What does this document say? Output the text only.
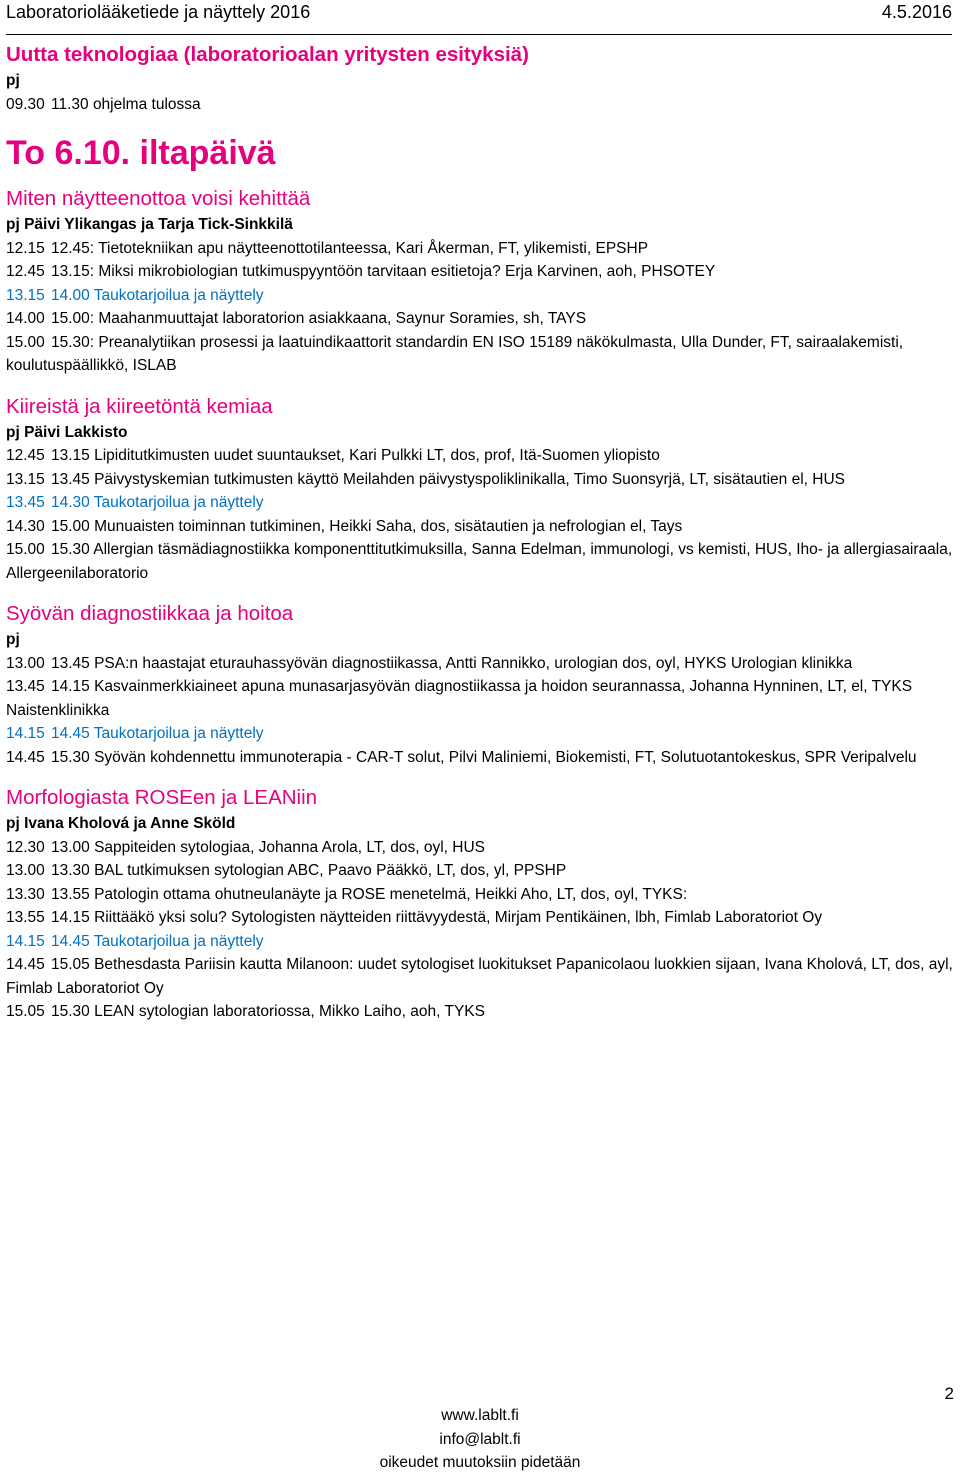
Laboratoriolääketiede ja näyttely 2016	4.5.2016
Uutta teknologiaa (laboratorioalan yritysten esityksiä)
pj
09.30  11.30 ohjelma tulossa
To 6.10. iltapäivä
Miten näytteenottoa voisi kehittää
pj Päivi Ylikangas ja Tarja Tick-Sinkkilä
12.15  12.45: Tietotekniikan apu näytteenottotilanteessa, Kari Åkerman, FT, ylikemisti, EPSHP
12.45  13.15: Miksi mikrobiologian tutkimuspyyntöön tarvitaan esitietoja? Erja Karvinen, aoh, PHSOTEY
13.15  14.00 Taukotarjoilua ja näyttely
14.00  15.00: Maahanmuuttajat laboratorion asiakkaana, Saynur Soramies, sh, TAYS
15.00  15.30: Preanalytiikan prosessi ja laatuindikaattorit standardin EN ISO 15189 näkökulmasta, Ulla Dunder, FT, sairaalakemisti, koulutuspäällikkö, ISLAB
Kiireistä ja kiireetöntä kemiaa
pj Päivi Lakkisto
12.45  13.15 Lipiditutkimusten uudet suuntaukset, Kari Pulkki LT, dos, prof, Itä-Suomen yliopisto
13.15  13.45 Päivystyskemian tutkimusten käyttö Meilahden päivystyspoliklinikalla, Timo Suonsyrjä, LT, sisätautien el, HUS
13.45  14.30 Taukotarjoilua ja näyttely
14.30  15.00 Munuaisten toiminnan tutkiminen, Heikki Saha, dos, sisätautien ja nefrologian el, Tays
15.00  15.30 Allergian täsmädiagnostiikka komponenttitutkimuksilla, Sanna Edelman, immunologi, vs kemisti, HUS, Iho- ja allergiasairaala, Allergeenilaboratorio
Syövän diagnostiikkaa ja hoitoa
pj
13.00  13.45 PSA:n haastajat eturauhassyövän diagnostiikassa, Antti Rannikko, urologian dos, oyl, HYKS Urologian klinikka
13.45  14.15 Kasvainmerkkiaineet apuna munasarjasyövän diagnostiikassa ja hoidon seurannassa, Johanna Hynninen, LT, el, TYKS Naistenklinikka
14.15  14.45 Taukotarjoilua ja näyttely
14.45  15.30 Syövän kohdennettu immunoterapia - CAR-T solut, Pilvi Maliniemi, Biokemisti, FT, Solutuotantokeskus, SPR Veripalvelu
Morfologiasta ROSEen ja LEANiin
pj Ivana Kholová ja Anne Sköld
12.30  13.00 Sappiteiden sytologiaa, Johanna Arola, LT, dos, oyl, HUS
13.00  13.30 BAL tutkimuksen sytologian ABC, Paavo Pääkkö, LT, dos, yl, PPSHP
13.30  13.55 Patologin ottama ohutneulanäyte ja ROSE menetelmä, Heikki Aho, LT, dos, oyl, TYKS:
13.55  14.15 Riittääkö yksi solu? Sytologisten näytteiden riittävyydestä, Mirjam Pentikäinen, lbh, Fimlab Laboratoriot Oy
14.15  14.45 Taukotarjoilua ja näyttely
14.45  15.05 Bethesdasta Pariisin kautta Milanoon: uudet sytologiset luokitukset Papanicolaou luokkien sijaan, Ivana Kholová, LT, dos, ayl, Fimlab Laboratoriot Oy
15.05  15.30 LEAN sytologian laboratoriossa, Mikko Laiho, aoh, TYKS
2
www.lablt.fi
info@lablt.fi
oikeudet muutoksiin pidetään
